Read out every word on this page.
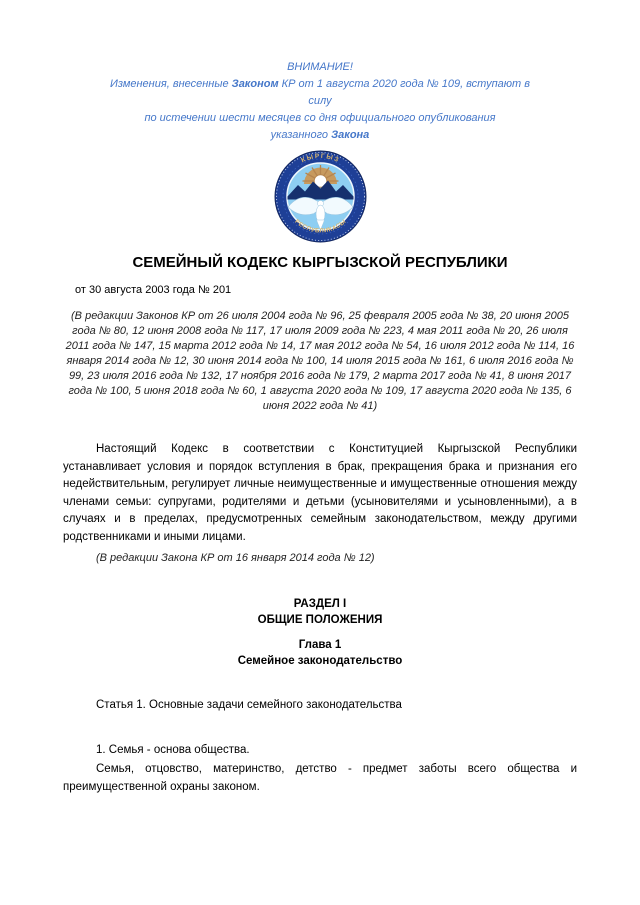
ВНИМАНИЕ!
Изменения, внесенные Законом КР от 1 августа 2020 года № 109, вступают в
силу
по истечении шести месяцев со дня официального опубликования
указанного Закона
КЫРГЫЗ
РЕСПУБЛИКАСЫ
СЕМЕЙНЫЙ КОДЕКС КЫРГЫЗСКОЙ РЕСПУБЛИКИ
от 30 августа 2003 года № 201
(В редакции Законов КР от 26 июля 2004 года № 96, 25 февраля 2005 года № 38, 20 июня 2005 года № 80, 12 июня 2008 года № 117, 17 июля 2009 года № 223, 4 мая 2011 года № 20, 26 июля 2011 года № 147, 15 марта 2012 года № 14, 17 мая 2012 года № 54, 16 июля 2012 года № 114, 16 января 2014 года № 12, 30 июня 2014 года № 100, 14 июля 2015 года № 161, 6 июля 2016 года № 99, 23 июля 2016 года № 132, 17 ноября 2016 года № 179, 2 марта 2017 года № 41, 8 июня 2017 года № 100, 5 июня 2018 года № 60, 1 августа 2020 года № 109, 17 августа 2020 года № 135, 6 июня 2022 года № 41)
Настоящий Кодекс в соответствии с Конституцией Кыргызской Республики устанавливает условия и порядок вступления в брак, прекращения брака и признания его недействительным, регулирует личные неимущественные и имущественные отношения между членами семьи: супругами, родителями и детьми (усыновителями и усыновленными), а в случаях и в пределах, предусмотренных семейным законодательством, между другими родственниками и иными лицами.
(В редакции Закона КР от 16 января 2014 года № 12)
РАЗДЕЛ I
ОБЩИЕ ПОЛОЖЕНИЯ
Глава 1
Семейное законодательство
Статья 1. Основные задачи семейного законодательства
1. Семья - основа общества.
Семья, отцовство, материнство, детство - предмет заботы всего общества и преимущественной охраны законом.
